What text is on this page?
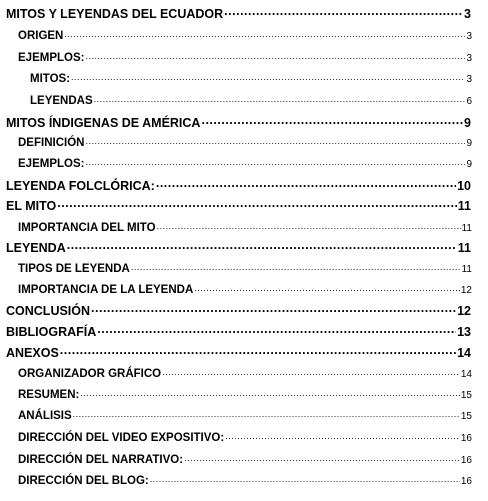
MITOS Y LEYENDAS DEL ECUADOR .....	3
ORIGEN .....	3
EJEMPLOS: .....	3
MITOS: .....	3
LEYENDAS .....	6
MITOS ÍNDIGENAS DE AMÉRICA .....	9
DEFINICIÓN .....	9
EJEMPLOS: .....	9
LEYENDA FOLCLÓRICA: .....	10
EL MITO .....	11
IMPORTANCIA DEL MITO .....	11
LEYENDA .....	11
TIPOS DE LEYENDA .....	11
IMPORTANCIA DE LA LEYENDA .....	12
CONCLUSIÓN .....	12
BIBLIOGRAFÍA .....	13
ANEXOS .....	14
ORGANIZADOR GRÁFICO .....	14
RESUMEN: .....	15
ANÁLISIS .....	15
DIRECCIÓN DEL VIDEO EXPOSITIVO: .....	16
DIRECCIÓN DEL NARRATIVO: .....	16
DIRECCIÓN DEL BLOG: .....	16
